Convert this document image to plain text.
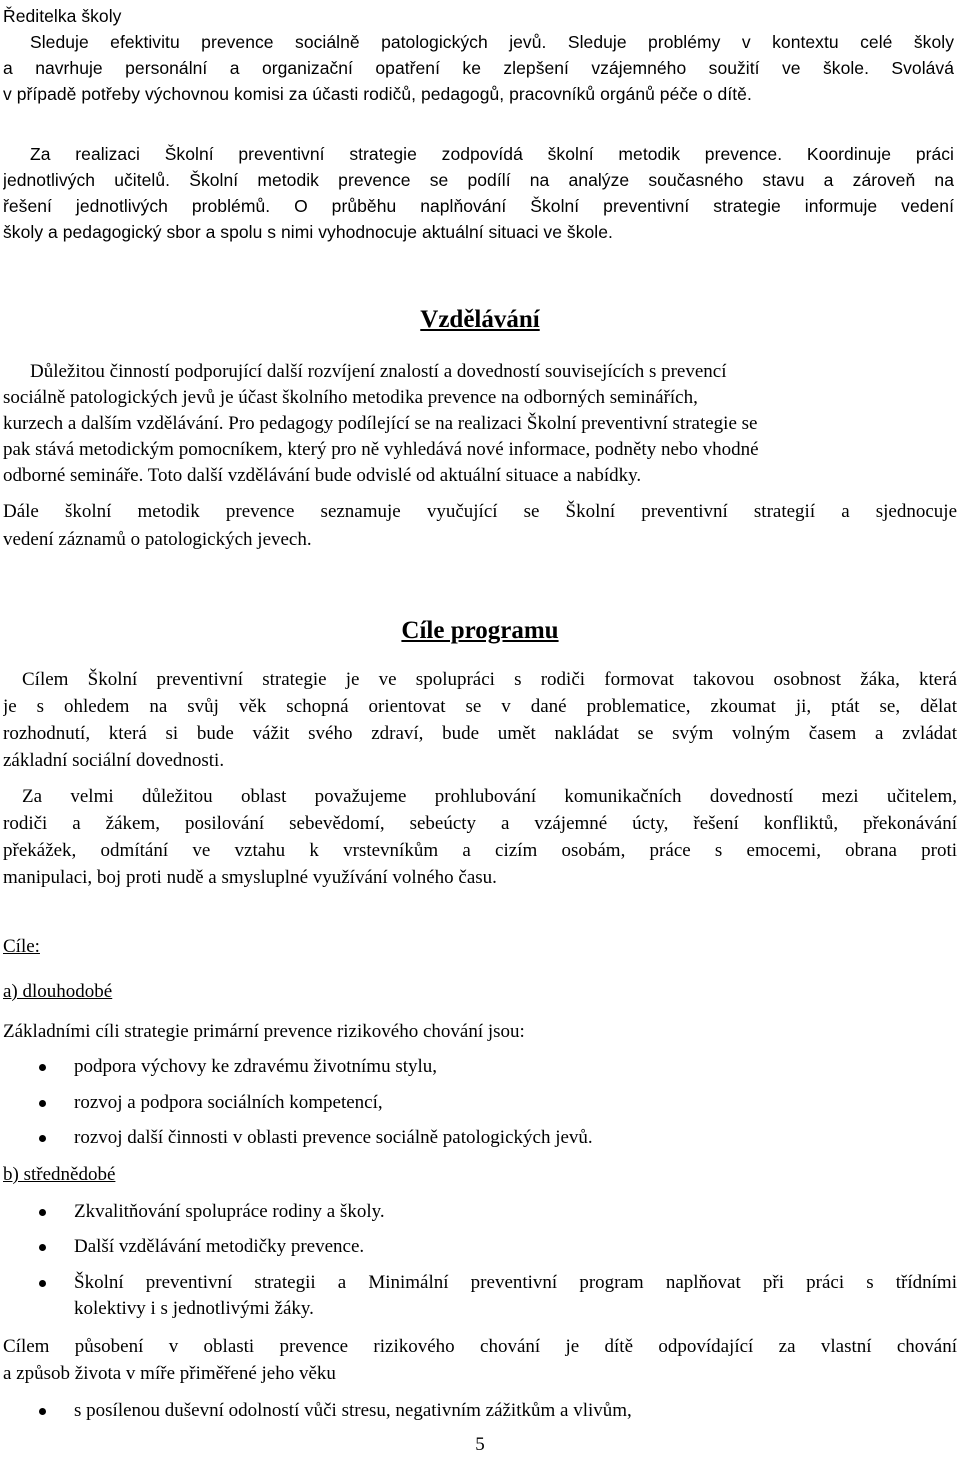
Ředitelka školy
Sleduje efektivitu prevence sociálně patologických jevů. Sleduje problémy v kontextu celé školy
a navrhuje personální a organizační opatření ke zlepšení vzájemného soužití ve škole. Svolává
v případě potřeby výchovnou komisi za účasti rodičů, pedagogů, pracovníků orgánů péče o dítě.
Za realizaci Školní preventivní strategie zodpovídá školní metodik prevence. Koordinuje práci
jednotlivých učitelů. Školní metodik prevence se podílí na analýze současného stavu a zároveň na
řešení jednotlivých problémů. O průběhu naplňování Školní preventivní strategie informuje vedení
školy a pedagogický sbor a spolu s nimi vyhodnocuje aktuální situaci ve škole.
Vzdělávání
Důležitou činností podporující další rozvíjení znalostí a dovedností souvisejících s prevencí
sociálně patologických jevů je účast školního metodika prevence na odborných seminářích,
kurzech a dalším vzdělávání. Pro pedagogy podílející se na realizaci Školní preventivní strategie se
pak stává metodickým pomocníkem, který pro ně vyhledává nové informace, podněty nebo vhodné
odborné semináře. Toto další vzdělávání bude odvislé od aktuální situace a nabídky.
Dále školní metodik prevence seznamuje vyučující se Školní preventivní strategií a sjednocuje
vedení záznamů o patologických jevech.
Cíle programu
Cílem Školní preventivní strategie je ve spolupráci s rodiči formovat takovou osobnost žáka, která
je s ohledem na svůj věk schopná orientovat se v dané problematice, zkoumat ji, ptát se, dělat
rozhodnutí, která si bude vážit svého zdraví, bude umět nakládat se svým volným časem a zvládat
základní sociální dovednosti.
Za velmi důležitou oblast považujeme prohlubování komunikačních dovedností mezi učitelem,
rodiči a žákem, posilování sebevědomí, sebeúcty a vzájemné úcty, řešení konfliktů, překonávání
překážek, odmítání ve vztahu k vrstevníkům a cizím osobám, práce s emocemi, obrana proti
manipulaci, boj proti nudě a smysluplné využívání volného času.
Cíle:
a) dlouhodobé
Základními cíli strategie primární prevence rizikového chování jsou:
podpora výchovy ke zdravému životnímu stylu,
rozvoj a podpora sociálních kompetencí,
rozvoj další činnosti v oblasti prevence sociálně patologických jevů.
b) střednědobé
Zkvalitňování spolupráce rodiny a školy.
Další vzdělávání metodičky prevence.
Školní preventivní strategii a Minimální preventivní program naplňovat při práci s třídními
kolektivy i s jednotlivými žáky.
Cílem působení v oblasti prevence rizikového chování je dítě odpovídající za vlastní chování
a způsob života v míře přiměřené jeho věku
s posílenou duševní odolností vůči stresu, negativním zážitkům a vlivům,
5
